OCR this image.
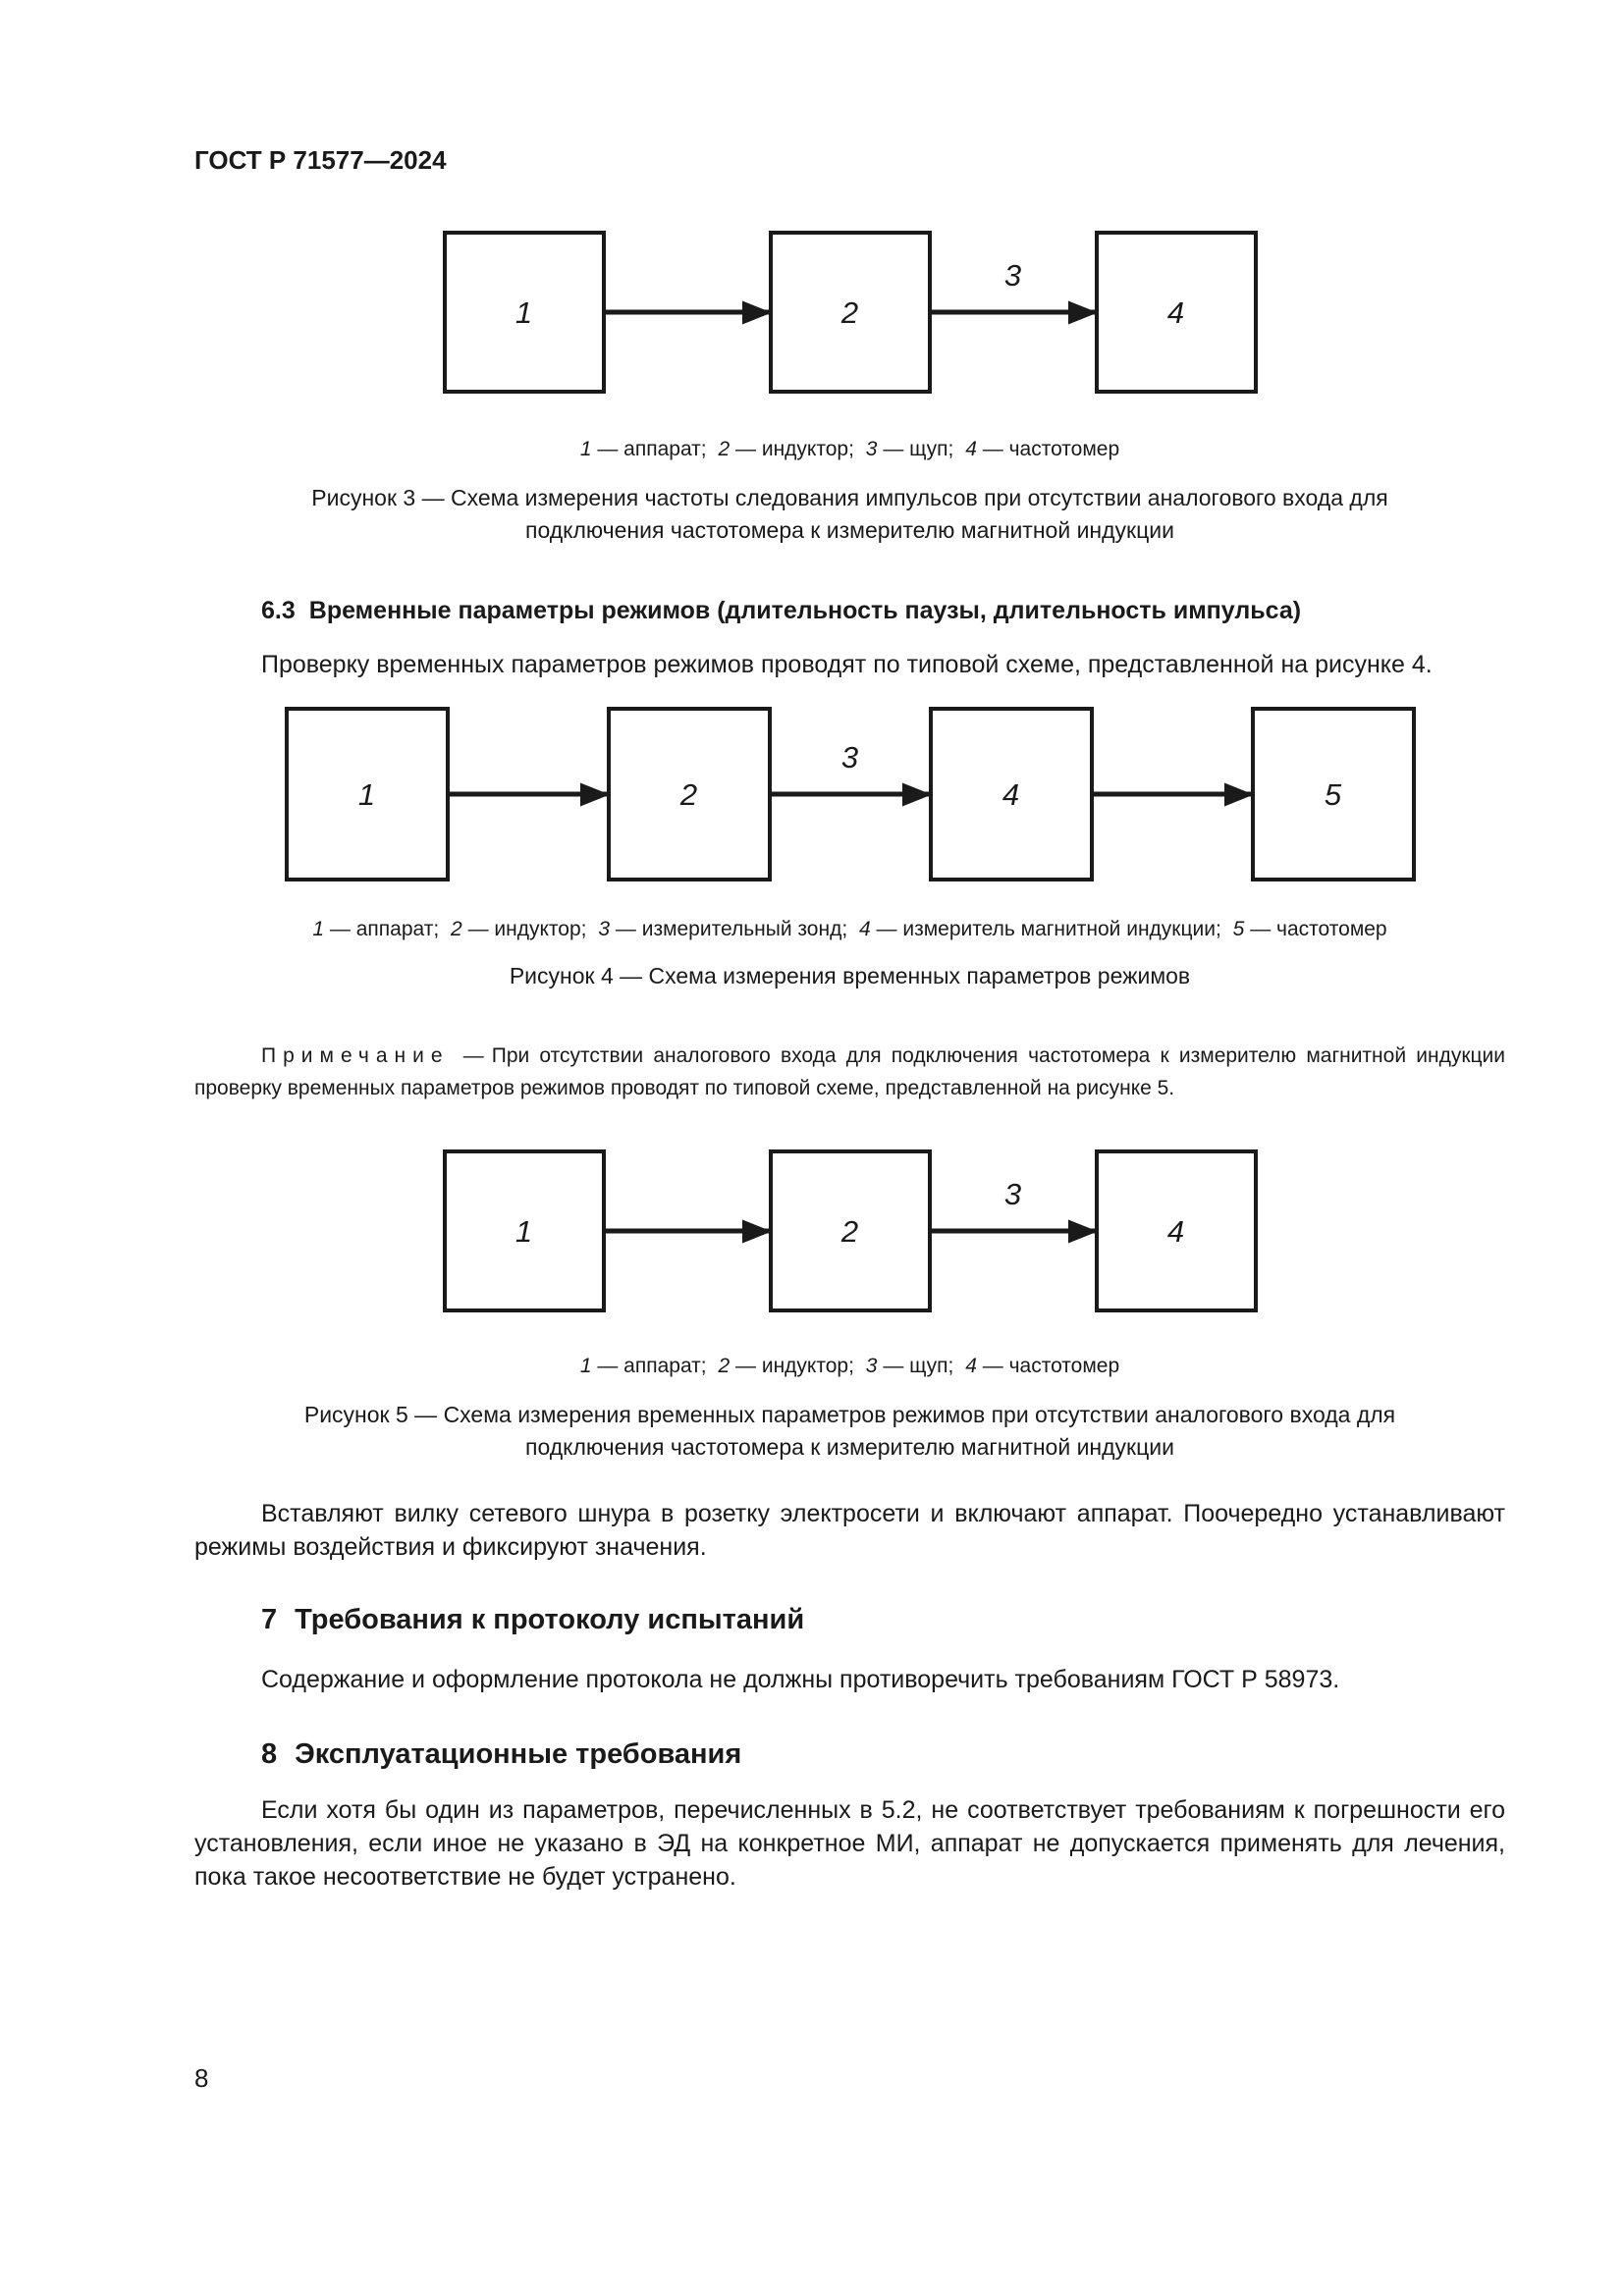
ГОСТ Р 71577—2024
1	2
3
4
1 — аппарат; 2 — индуктор; 3 — щуп; 4 — частотомер
Рисунок 3 — Схема измерения частоты следования импульсов при отсутствии аналогового входа для подключения частотомера к измерителю магнитной индукции
6.3 Временные параметры режимов (длительность паузы, длительность импульса)
Проверку временных параметров режимов проводят по типовой схеме, представленной на рисунке 4.
1	2
3
4	5
1 — аппарат; 2 — индуктор; 3 — измерительный зонд; 4 — измеритель магнитной индукции; 5 — частотомер
Рисунок 4 — Схема измерения временных параметров режимов
Примечание — При отсутствии аналогового входа для подключения частотомера к измерителю магнитной индукции проверку временных параметров режимов проводят по типовой схеме, представленной на рисунке 5.
1	2
3
4
1 — аппарат; 2 — индуктор; 3 — щуп; 4 — частотомер
Рисунок 5 — Схема измерения временных параметров режимов при отсутствии аналогового входа для подключения частотомера к измерителю магнитной индукции
Вставляют вилку сетевого шнура в розетку электросети и включают аппарат. Поочередно устанавливают режимы воздействия и фиксируют значения.
7 Требования к протоколу испытаний
Содержание и оформление протокола не должны противоречить требованиям ГОСТ Р 58973.
8 Эксплуатационные требования
Если хотя бы один из параметров, перечисленных в 5.2, не соответствует требованиям к погрешности его установления, если иное не указано в ЭД на конкретное МИ, аппарат не допускается применять для лечения, пока такое несоответствие не будет устранено.
8
